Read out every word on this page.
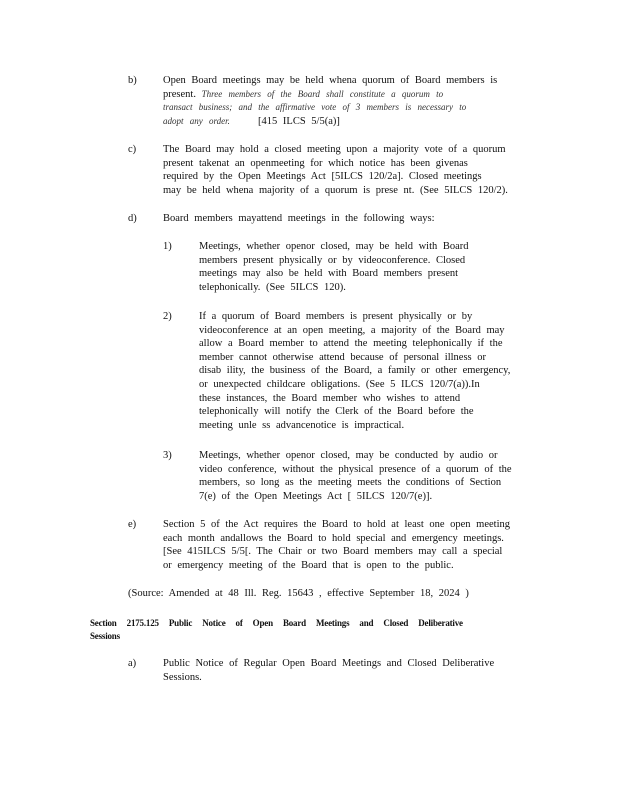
b)	Open Board meetings may be held whena quorum of Board members is
present. Three members of the Board shall constitute a quorum to
transact business; and the affirmative vote of 3 members is necessary to
adopt any order.	[415 ILCS 5/5(a)]
c)	The Board may hold a closed meeting upon a majority vote of a quorum
present takenat an openmeeting for which notice has been givenas
required by the Open Meetings Act [5ILCS 120/2a]. Closed meetings
may be held whena majority of a quorum is prese nt. (See 5ILCS 120/2).
d)	Board members mayattend meetings in the following ways:
1)	Meetings, whether openor closed, may be held with Board
members present physically or by videoconference. Closed
meetings may also be held with Board members present
telephonically. (See 5ILCS 120).
2)	If a quorum of Board members is present physically or by
videoconference at an open meeting, a majority of the Board may
allow a Board member to attend the meeting telephonically if the
member cannot otherwise attend because of personal illness or
disab ility, the business of the Board, a family or other emergency,
or unexpected childcare obligations. (See 5 ILCS 120/7(a)).In
these instances, the Board member who wishes to attend
telephonically will notify the Clerk of the Board before the
meeting unle ss advancenotice is impractical.
3)	Meetings, whether openor closed, may be conducted by audio or
video conference, without the physical presence of a quorum of the
members, so long as the meeting meets the conditions of Section
7(e) of the Open Meetings Act [ 5ILCS 120/7(e)].
e)	Section 5 of the Act requires the Board to hold at least one open meeting
each month andallows the Board to hold special and emergency meetings.
[See 415ILCS 5/5[. The Chair or two Board members may call a special
or emergency meeting of the Board that is open to the public.
(Source: Amended at 48 Ill. Reg. 15643 , effective September 18, 2024 )
Section 2175.125 Public Notice of Open Board Meetings and Closed Deliberative
Sessions
a)	Public Notice of Regular Open Board Meetings and Closed Deliberative
Sessions.
